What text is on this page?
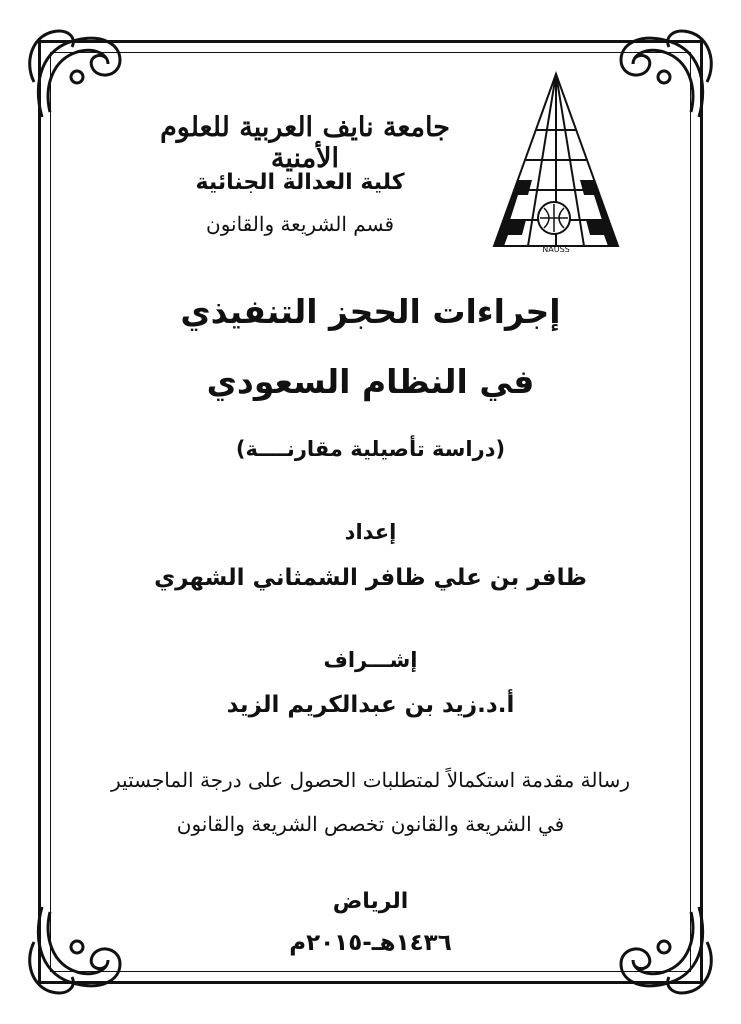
NAUSS
جامعة نايف العربية للعلوم الأمنية
كلية العدالة الجنائية
قسم الشريعة والقانون
إجراءات الحجز التنفيذي
في النظام السعودي
(دراسة تأصيلية مقارنــــة)
إعداد
ظافر بن علي ظافر الشمثاني الشهري
إشـــراف
أ.د.زيد بن عبدالكريم الزيد
رسالة مقدمة استكمالاً لمتطلبات الحصول على درجة الماجستير
في الشريعة والقانون تخصص الشريعة والقانون
الرياض
١٤٣٦هـ-٢٠١٥م
